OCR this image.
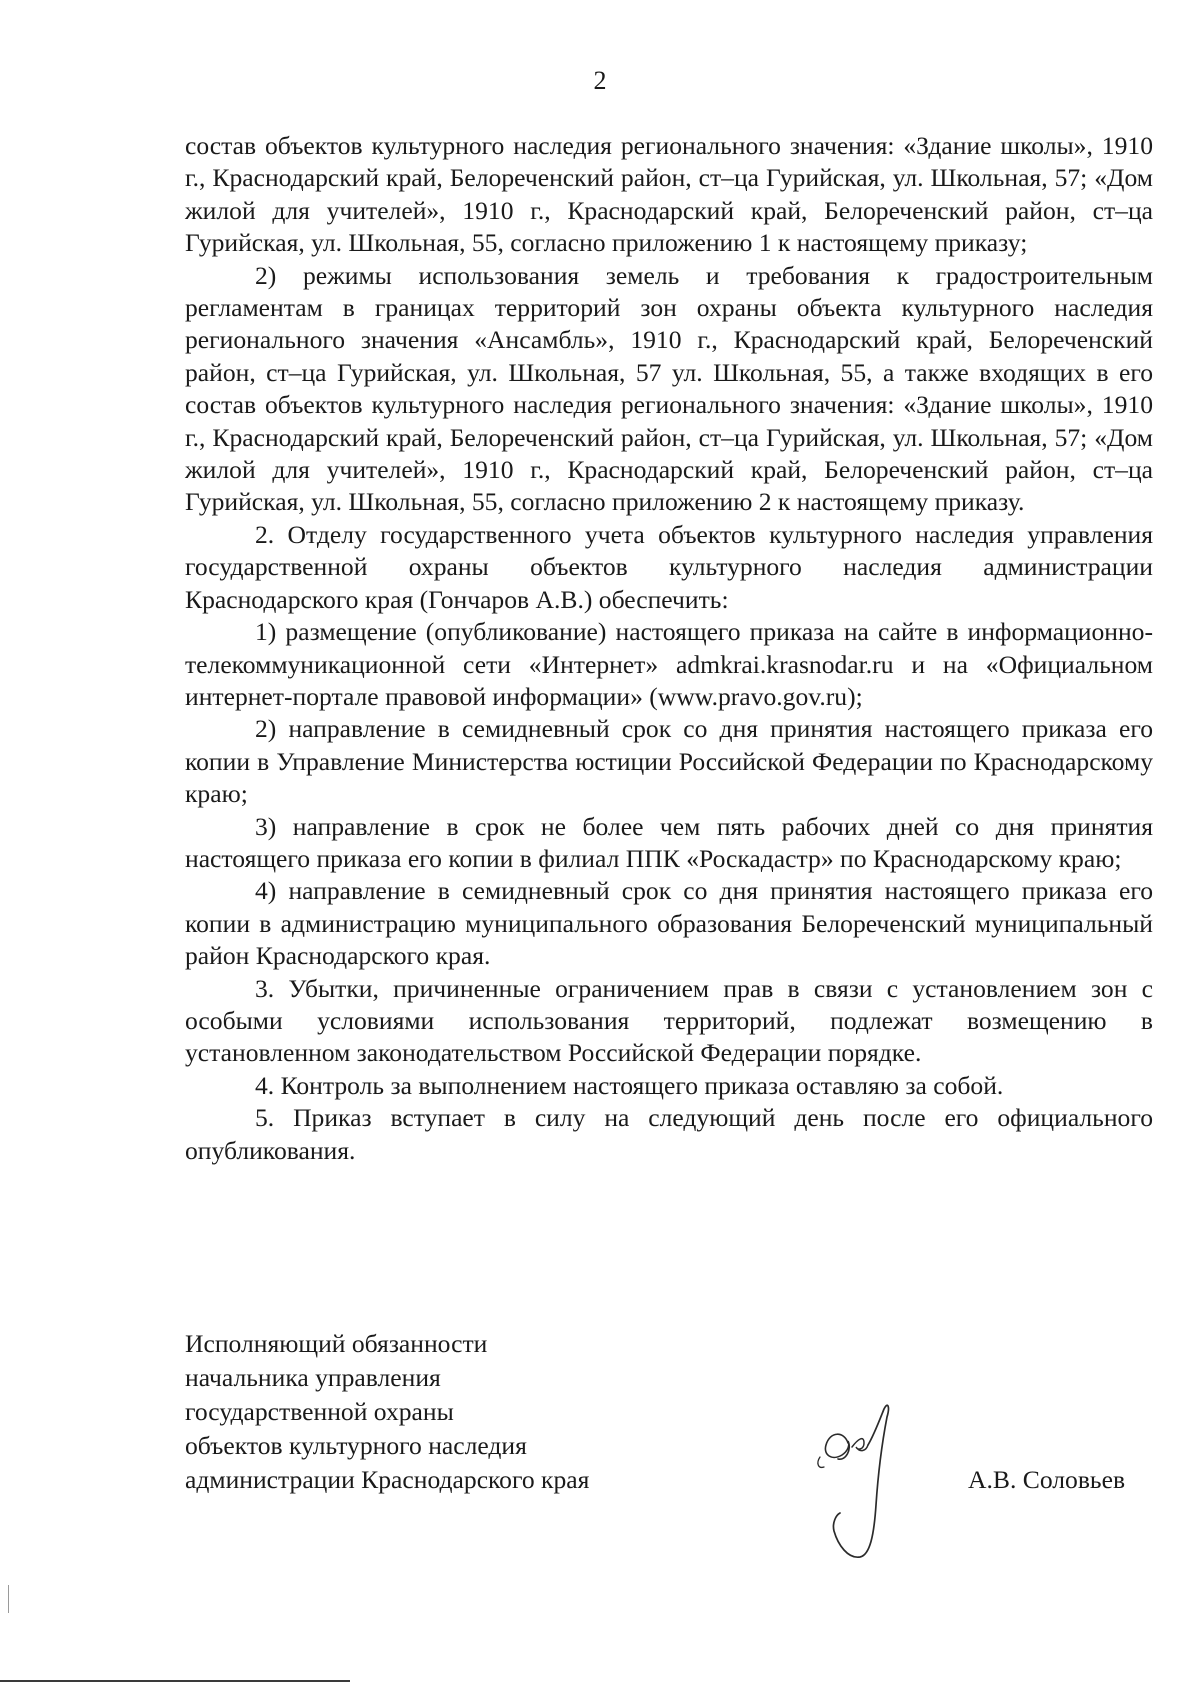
2

состав объектов культурного наследия регионального значения: «Здание школы», 1910 г., Краснодарский край, Белореченский район, ст–ца Гурийская, ул. Школьная, 57; «Дом жилой для учителей», 1910 г., Краснодарский край, Белореченский район, ст–ца Гурийская, ул. Школьная, 55, согласно приложению 1 к настоящему приказу;

2) режимы использования земель и требования к градостроительным регламентам в границах территорий зон охраны объекта культурного наследия регионального значения «Ансамбль», 1910 г., Краснодарский край, Белореченский район, ст–ца Гурийская, ул. Школьная, 57 ул. Школьная, 55, а также входящих в его состав объектов культурного наследия регионального значения: «Здание школы», 1910 г., Краснодарский край, Белореченский район, ст–ца Гурийская, ул. Школьная, 57; «Дом жилой для учителей», 1910 г., Краснодарский край, Белореченский район, ст–ца Гурийская, ул. Школьная, 55, согласно приложению 2 к настоящему приказу.

2. Отделу государственного учета объектов культурного наследия управления государственной охраны объектов культурного наследия администрации Краснодарского края (Гончаров А.В.) обеспечить:

1) размещение (опубликование) настоящего приказа на сайте в информационно-телекоммуникационной сети «Интернет» admkrai.krasnodar.ru и на «Официальном интернет-портале правовой информации» (www.pravo.gov.ru);

2) направление в семидневный срок со дня принятия настоящего приказа его копии в Управление Министерства юстиции Российской Федерации по Краснодарскому краю;

3) направление в срок не более чем пять рабочих дней со дня принятия настоящего приказа его копии в филиал ППК «Роскадастр» по Краснодарскому краю;

4) направление в семидневный срок со дня принятия настоящего приказа его копии в администрацию муниципального образования Белореченский муниципальный район Краснодарского края.

3. Убытки, причиненные ограничением прав в связи с установлением зон с особыми условиями использования территорий, подлежат возмещению в установленном законодательством Российской Федерации порядке.

4. Контроль за выполнением настоящего приказа оставляю за собой.

5. Приказ вступает в силу на следующий день после его официального опубликования.

Исполняющий обязанности
начальника управления
государственной охраны
объектов культурного наследия
администрации Краснодарского края	А.В. Соловьев
